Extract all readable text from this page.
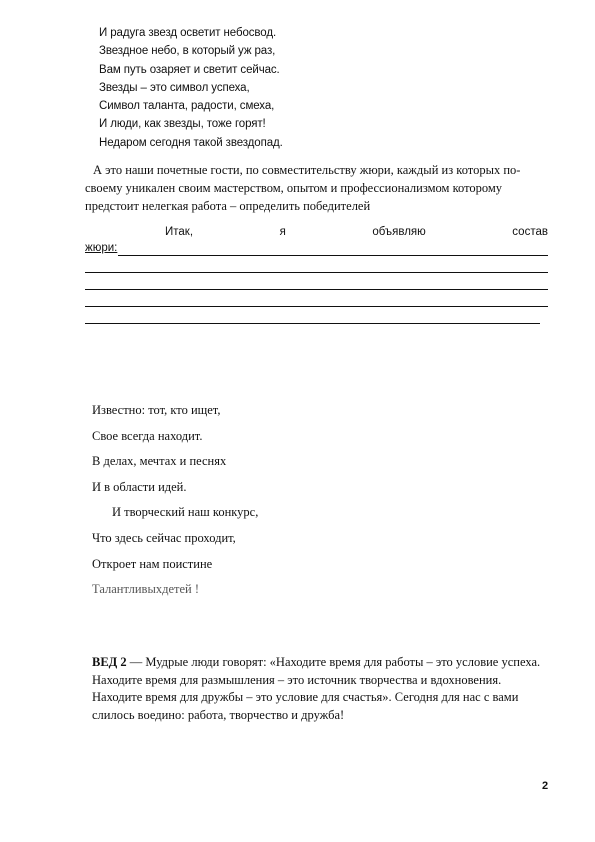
И радуга звезд осветит небосвод.
Звездное небо, в который уж раз,
Вам путь озаряет и светит сейчас.
Звезды – это символ успеха,
Символ таланта, радости, смеха,
И люди, как звезды, тоже горят!
Недаром сегодня такой звездопад.

А это наши почетные гости, по совместительству жюри, каждый из которых по-своему уникален своим мастерством, опытом и профессионализмом которому предстоит нелегкая работа – определить победителей

Итак,	я	объявляю	состав
жюри:
Известно: тот, кто ищет,
Свое всегда находит.
В делах, мечтах и песнях
И в области идей.
И творческий наш конкурс,
Что здесь сейчас проходит,
Откроет нам поистине
Талантливыхдетей !

ВЕД 2 — Мудрые люди говорят: «Находите время для работы – это условие успеха. Находите время для размышления – это источник творчества и вдохновения. Находите время для дружбы – это условие для счастья». Сегодня для нас с вами слилось воедино: работа, творчество и дружба!

2
